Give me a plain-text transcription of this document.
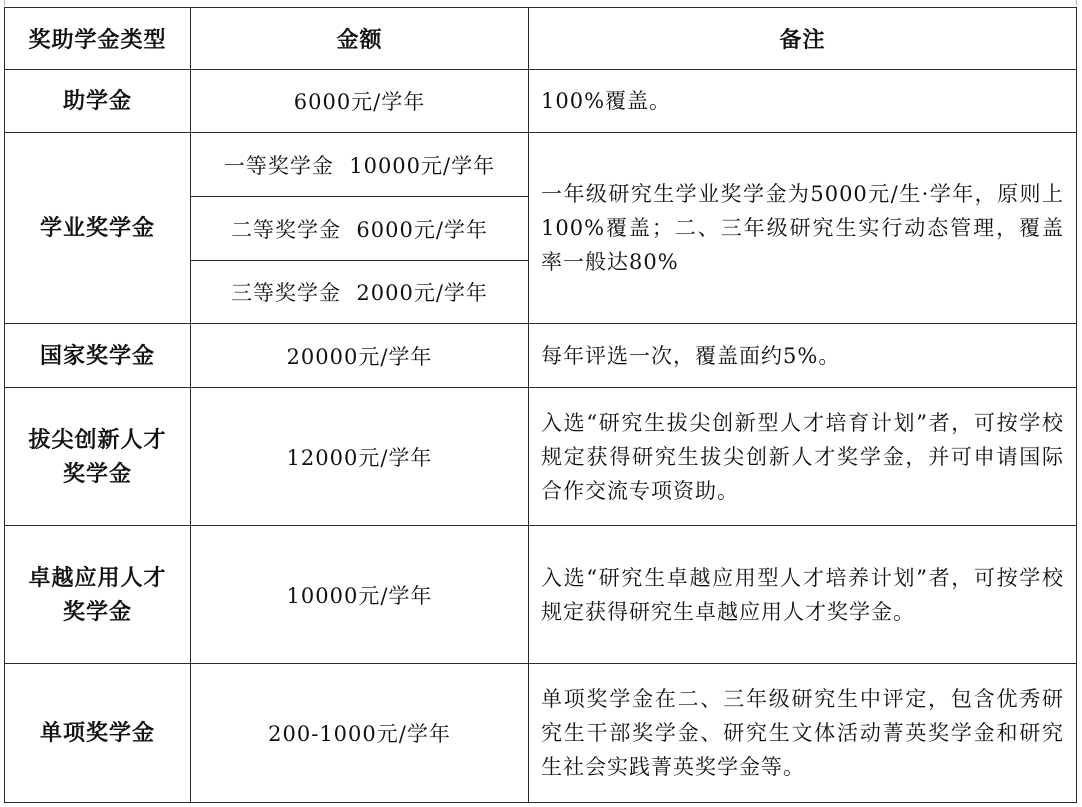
奖助学金类型	金额	备注

助学金	6000元/学年	100%覆盖。

学业奖学金	一等奖学金  10000元/学年	一年级研究生学业奖学金为5000元/生·学年，原则上100%覆盖；二、三年级研究生实行动态管理，覆盖率一般达80%
	二等奖学金  6000元/学年	
	三等奖学金  2000元/学年	

国家奖学金	20000元/学年	每年评选一次，覆盖面约5%。

拔尖创新人才
奖学金	12000元/学年	入选“研究生拔尖创新型人才培育计划”者，可按学校规定获得研究生拔尖创新人才奖学金，并可申请国际合作交流专项资助。

卓越应用人才
奖学金	10000元/学年	入选“研究生卓越应用型人才培养计划”者，可按学校规定获得研究生卓越应用人才奖学金。

单项奖学金	200-1000元/学年	单项奖学金在二、三年级研究生中评定，包含优秀研究生干部奖学金、研究生文体活动菁英奖学金和研究生社会实践菁英奖学金等。
